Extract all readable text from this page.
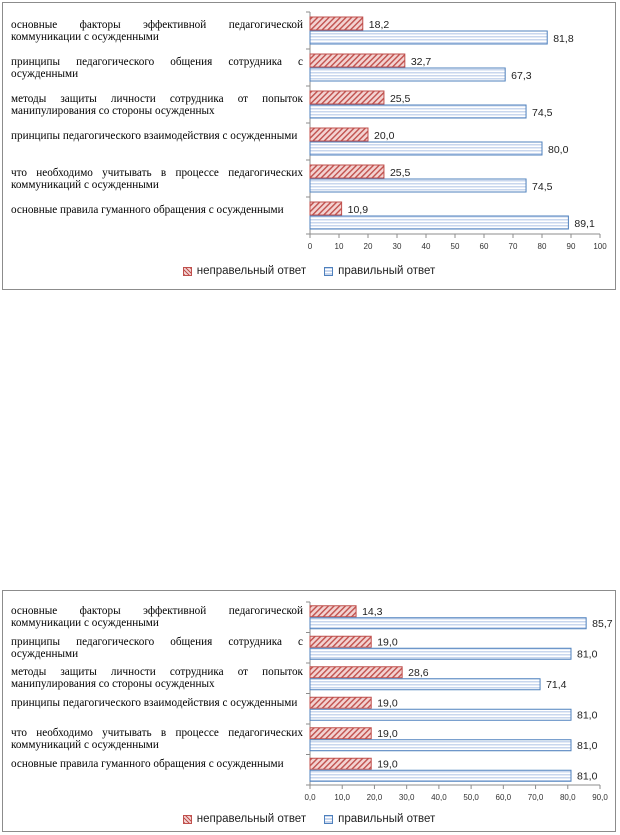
0	10	20	30	40	50	60	70	80	90 100
18,2
81,8
32,7
67,3
25,5
74,5
20,0
80,0
25,5
74,5
10,9
89,1
основные факторы эффективной педагогической коммуникации с осужденными
принципы педагогического общения сотрудника с осужденными
методы защиты личности сотрудника от попыток манипулирования со стороны осужденных
принципы педагогического взаимодействия с осужденными
что необходимо учитывать в процессе педагогических коммуникаций с осужденными
основные правила гуманного обращения с осужденными
неправельный ответ	правильный ответ
0,0 10,0 20,0 30,0 40,0 50,0 60,0 70,0 80,0 90,0
14,3
85,7
19,0
81,0
28,6
71,4
19,0
81,0
19,0
81,0
19,0
81,0
основные факторы эффективной педагогической коммуникации с осужденными
принципы педагогического общения сотрудника с осужденными
методы защиты личности сотрудника от попыток манипулирования со стороны осужденных
принципы педагогического взаимодействия с осужденными
что необходимо учитывать в процессе педагогических коммуникаций с осужденными
основные правила гуманного обращения с осужденными
неправельный ответ	правильный ответ
